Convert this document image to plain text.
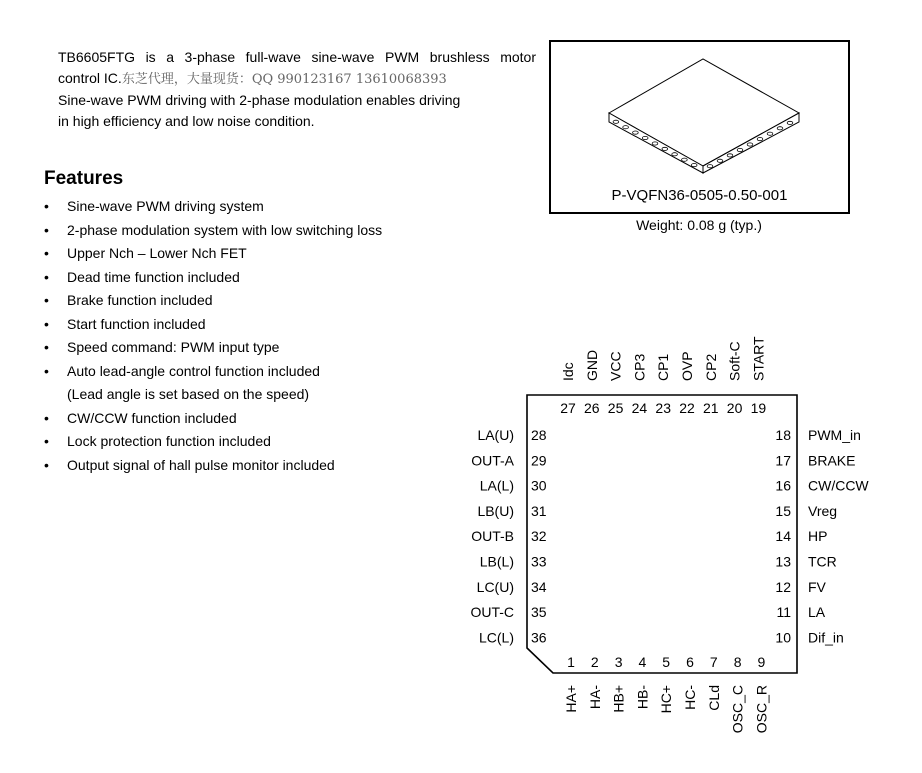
TB6605FTG is a 3-phase full-wave sine-wave PWM brushless motor
control IC.东芝代理，大量现货：QQ 990123167 13610068393
Sine-wave PWM driving with 2-phase modulation enables driving
in high efficiency and low noise condition.
Features
• Sine-wave PWM driving system
• 2-phase modulation system with low switching loss
• Upper Nch – Lower Nch FET
• Dead time function included
• Brake function included
• Start function included
• Speed command: PWM input type
• Auto lead-angle control function included
(Lead angle is set based on the speed)
• CW/CCW function included
• Lock protection function included
• Output signal of hall pulse monitor included
P-VQFN36-0505-0.50-001
Weight: 0.08 g (typ.)
28
LA(U)
29
OUT-A
30
LA(L)
31
LB(U)
32
OUT-B
33
LB(L)
34
LC(U)
35
OUT-C
36
LC(L)
18 PWM_in
17 BRAKE
16 CW/CCW
15 Vreg
14 HP
13 TCR
12 FV
11 LA
10 Dif_in
27
Idc
26
GND
25
VCC
24
CP3
23
CP1
22
OVP
21
CP2
20
Soft-C
19
START
1
HA+
2
HA-
3
HB+
4
HB-
5
HC+
6
HC-
7
CLd
8
OSC_C
9
OSC_R
